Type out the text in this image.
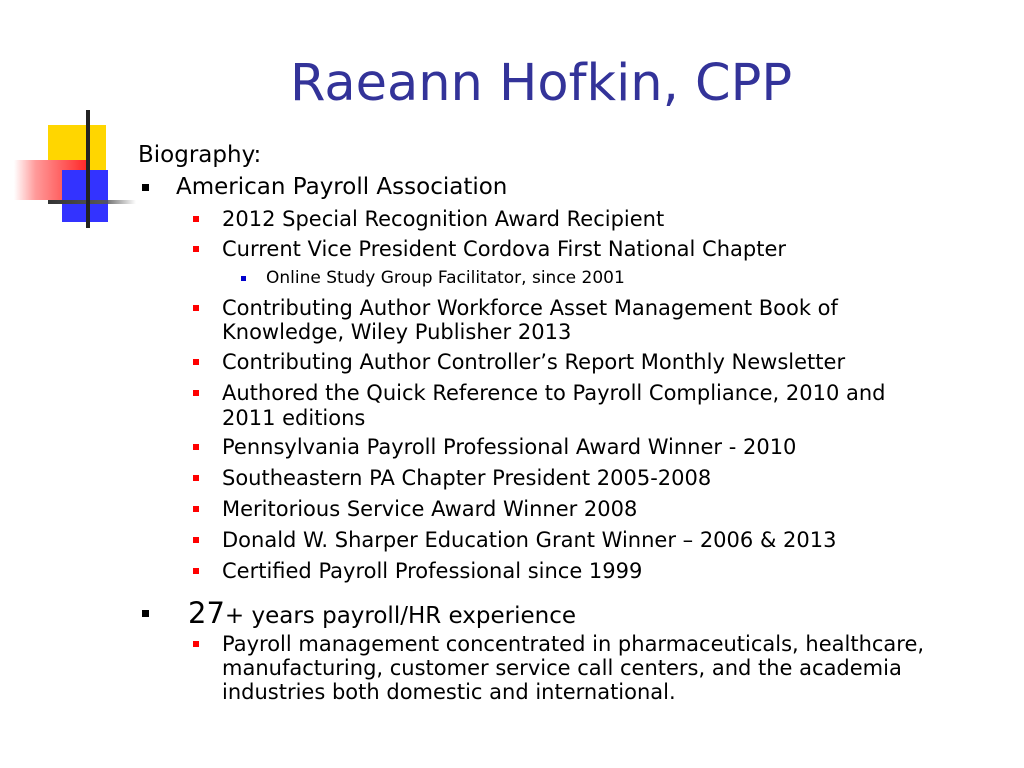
Raeann Hofkin, CPP
Biography:
American Payroll Association
2012 Special Recognition Award Recipient
Current Vice President Cordova First National Chapter
Online Study Group Facilitator, since 2001
Contributing Author Workforce Asset Management Book of
Knowledge, Wiley Publisher 2013
Contributing Author Controller’s Report Monthly Newsletter
Authored the Quick Reference to Payroll Compliance, 2010 and
2011 editions
Pennsylvania Payroll Professional Award Winner - 2010
Southeastern PA Chapter President 2005-2008
Meritorious Service Award Winner 2008
Donald W. Sharper Education Grant Winner – 2006 & 2013
Certified Payroll Professional since 1999
27+ years payroll/HR experience
Payroll management concentrated in pharmaceuticals, healthcare,
manufacturing, customer service call centers, and the academia
industries both domestic and international.
